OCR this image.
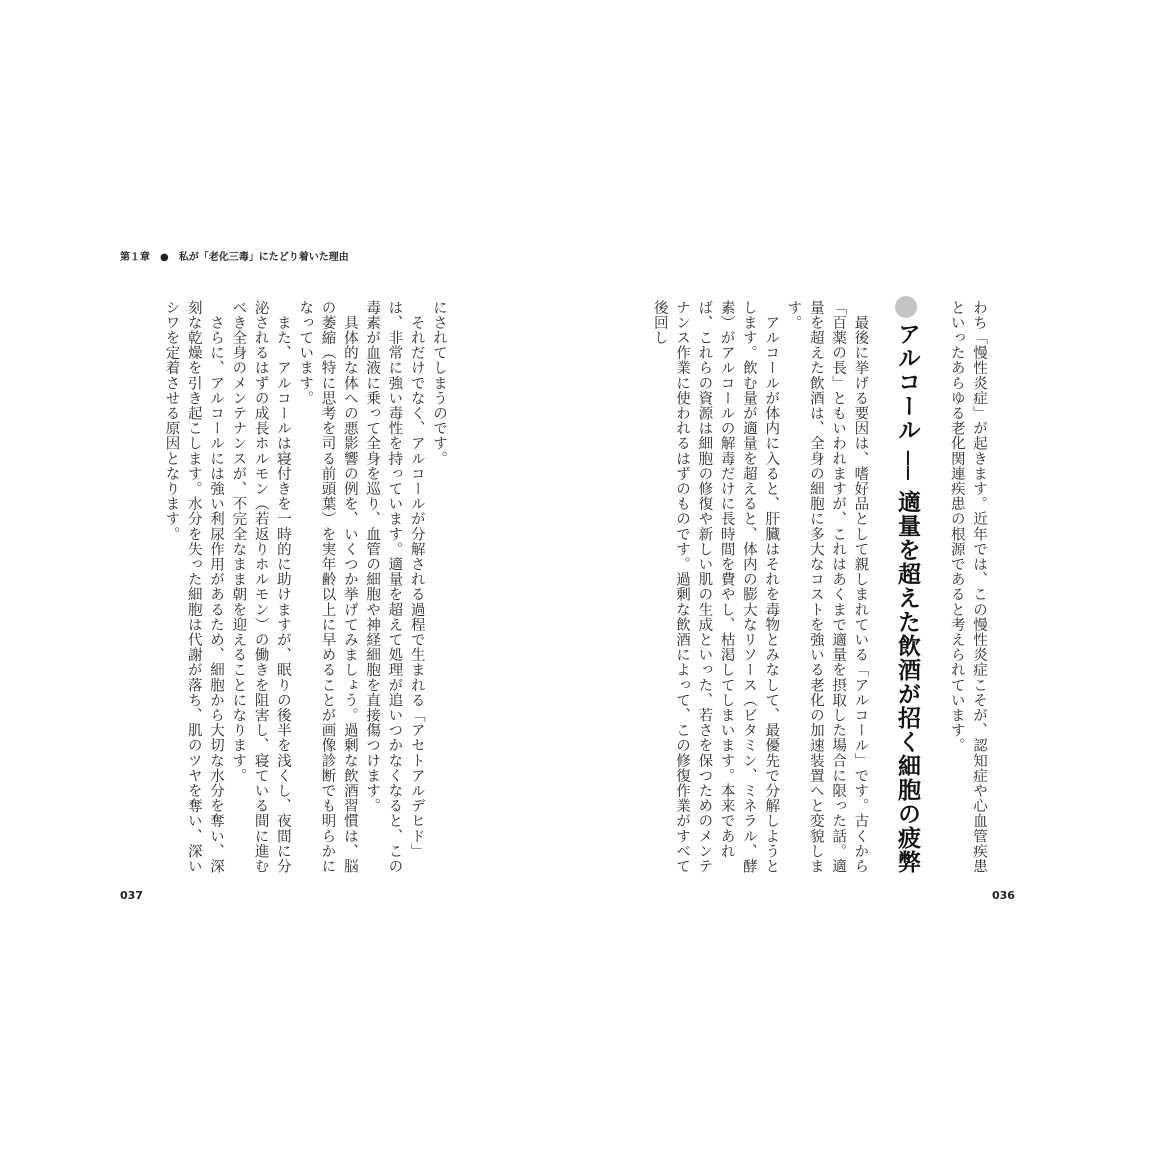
第１章　●　私が「老化三毒」にたどり着いた理由

にされてしまうのです。

　それだけでなく、アルコールが分解される過程で生まれる「アセトアルデヒド」は、非常に強い毒性を持っています。適量を超えて処理が追いつかなくなると、この毒素が血液に乗って全身を巡り、血管の細胞や神経細胞を直接傷つけます。

　具体的な体への悪影響の例を、いくつか挙げてみましょう。過剰な飲酒習慣は、脳の萎縮（特に思考を司る前頭葉）を実年齢以上に早めることが画像診断でも明らかになっています。

　また、アルコールは寝付きを一時的に助けますが、眠りの後半を浅くし、夜間に分泌されるはずの成長ホルモン（若返りホルモン）の働きを阻害し、寝ている間に進むべき全身のメンテナンスが、不完全なまま朝を迎えることになります。

　さらに、アルコールには強い利尿作用があるため、細胞から大切な水分を奪い、深刻な乾燥を引き起こします。水分を失った細胞は代謝が落ち、肌のツヤを奪い、深いシワを定着させる原因となります。	わち「慢性炎症」が起きます。近年では、この慢性炎症こそが、認知症や心血管疾患といったあらゆる老化関連疾患の根源であると考えられています。

　最後に挙げる要因は、嗜好品として親しまれている「アルコール」です。古くから「百薬の長」ともいわれますが、これはあくまで適量を摂取した場合に限った話。適量を超えた飲酒は、全身の細胞に多大なコストを強いる老化の加速装置へと変貌します。

　アルコールが体内に入ると、肝臓はそれを毒物とみなして、最優先で分解しようとします。飲む量が適量を超えると、体内の膨大なリソース（ビタミン、ミネラル、酵素）がアルコールの解毒だけに長時間を費やし、枯渇してしまいます。本来であれば、これらの資源は細胞の修復や新しい肌の生成といった、若さを保つためのメンテナンス作業に使われるはずのものです。過剰な飲酒によって、この修復作業がすべて後回し	アルコール ── 適量を超えた飲酒が招く細胞の疲弊
037	036
